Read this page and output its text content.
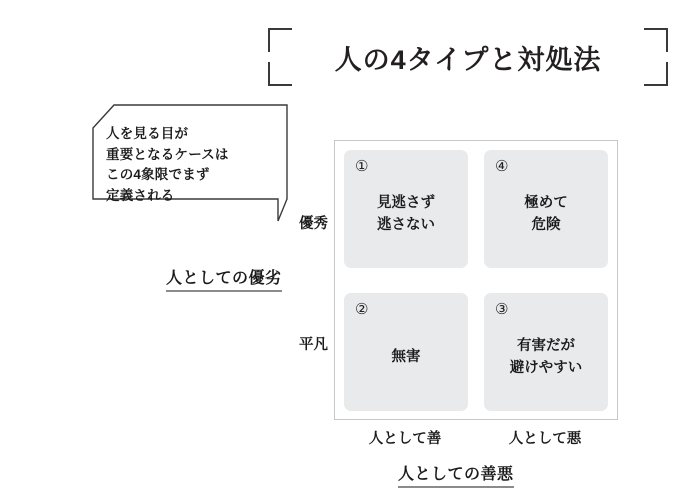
人の4タイプと対処法
人を見る目が
重要となるケースは
この4象限でまず
定義される
①
見逃さず
逃さない
④
極めて
危険
②
無害
③
有害だが
避けやすい
優秀
平凡
人としての優劣
人として善	人として悪
人としての善悪
